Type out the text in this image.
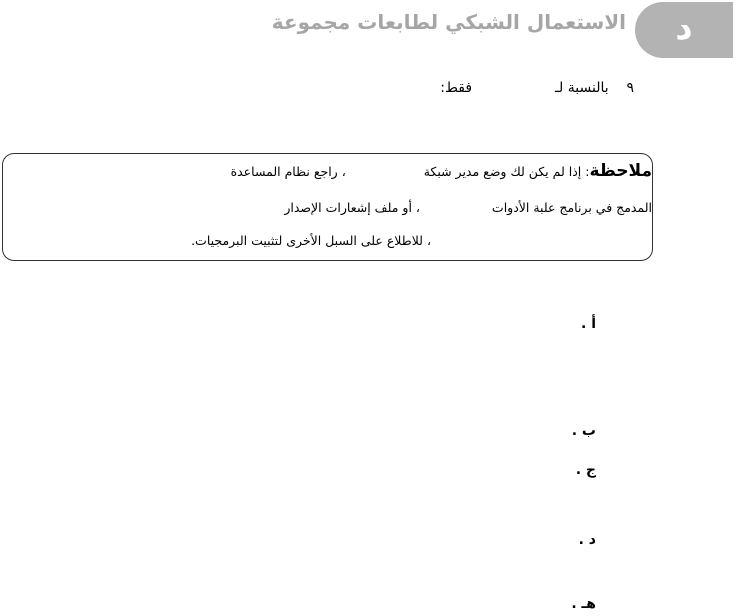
الاستعمال الشبكي لطابعات مجموعة د
٩    بالنسبة لـ  فقط:
ملاحظة: إذا لم يكن لك وضع مدير شبكة، راجع نظام المساعدة
المدمج في برنامج علبة الأدوات، أو ملف إشعارات الإصدار
، للاطلاع على السبل الأخرى لتثبيت البرمجيات.
أ .
ب .
ج .
د .
هـ .
